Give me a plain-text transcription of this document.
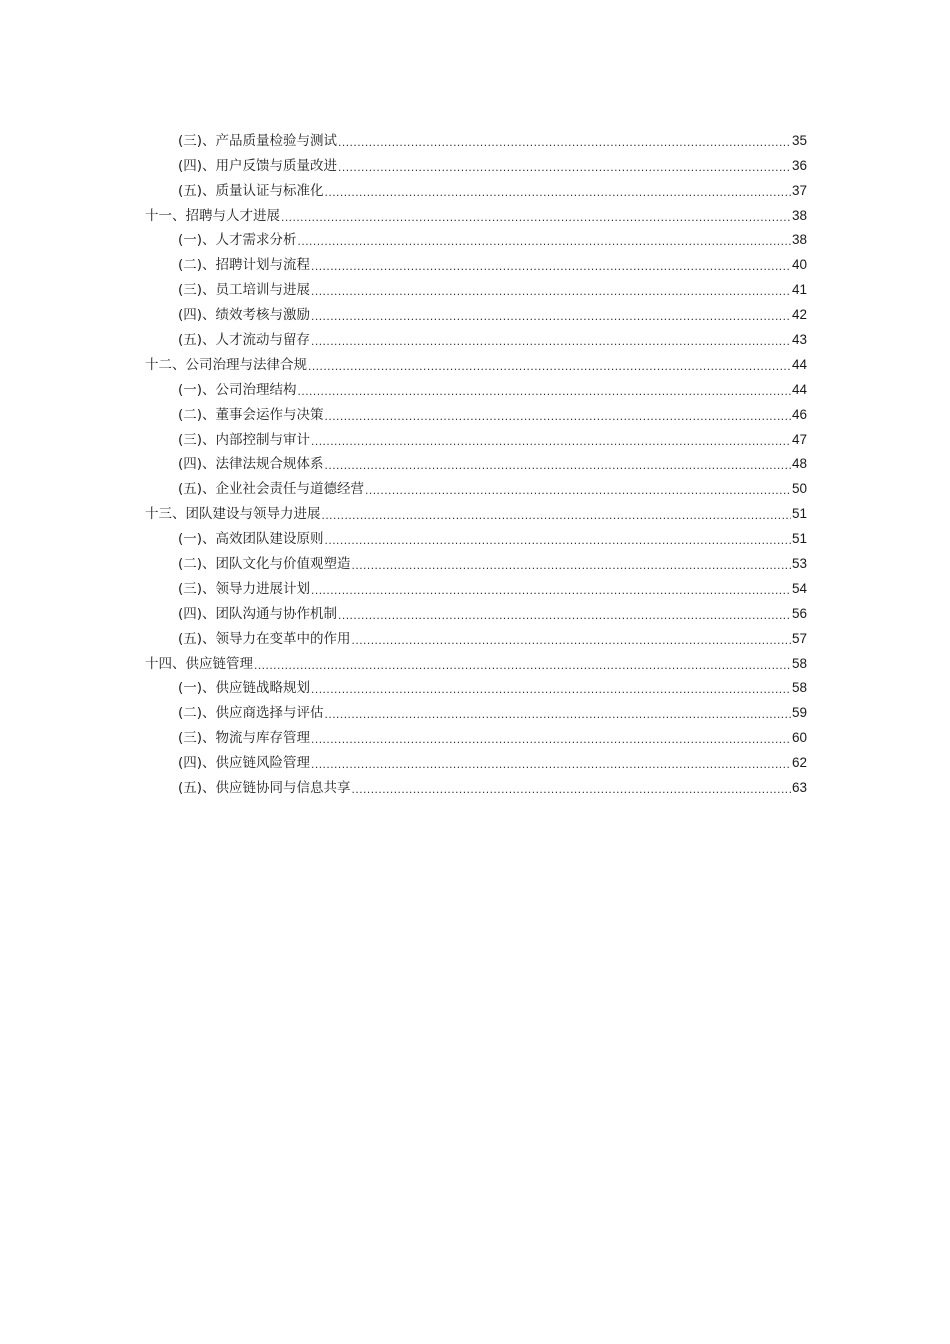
(三)、产品质量检验与测试 .....	35
(四)、用户反馈与质量改进 .....	36
(五)、质量认证与标准化 .....	37
十一、招聘与人才进展 .....	38
(一)、人才需求分析 .....	38
(二)、招聘计划与流程 .....	40
(三)、员工培训与进展 .....	41
(四)、绩效考核与激励 .....	42
(五)、人才流动与留存 .....	43
十二、公司治理与法律合规 .....	44
(一)、公司治理结构 .....	44
(二)、董事会运作与决策 .....	46
(三)、内部控制与审计 .....	47
(四)、法律法规合规体系 .....	48
(五)、企业社会责任与道德经营 .....	50
十三、团队建设与领导力进展 .....	51
(一)、高效团队建设原则 .....	51
(二)、团队文化与价值观塑造 .....	53
(三)、领导力进展计划 .....	54
(四)、团队沟通与协作机制 .....	56
(五)、领导力在变革中的作用 .....	57
十四、供应链管理 .....	58
(一)、供应链战略规划 .....	58
(二)、供应商选择与评估 .....	59
(三)、物流与库存管理 .....	60
(四)、供应链风险管理 .....	62
(五)、供应链协同与信息共享 .....	63
